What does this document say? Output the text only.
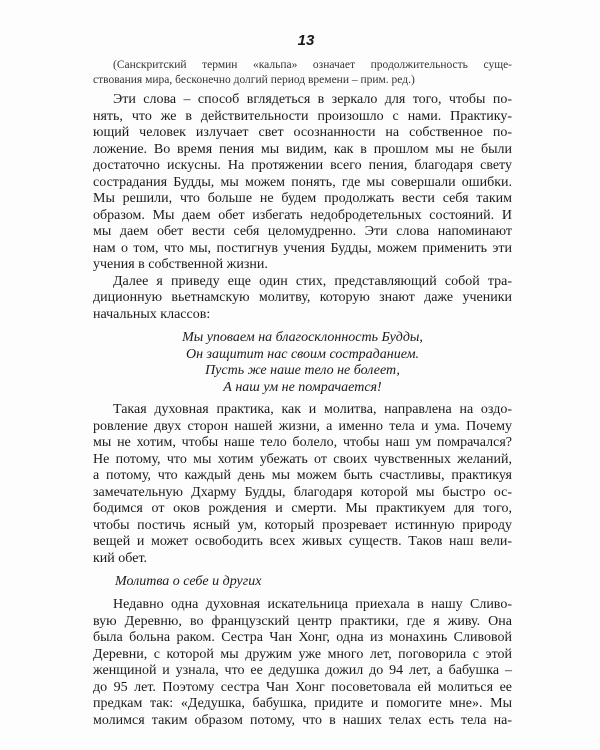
13
(Санскритский термин «кальпа» означает продолжительность суще-
ствования мира, бесконечно долгий период времени – прим. ред.)
Эти слова – способ вглядеться в зеркало для того, чтобы по-
нять, что же в действительности произошло с нами. Практику-
ющий человек излучает свет осознанности на собственное по-
ложение. Во время пения мы видим, как в прошлом мы не были
достаточно искусны. На протяжении всего пения, благодаря свету
сострадания Будды, мы можем понять, где мы совершали ошибки.
Мы решили, что больше не будем продолжать вести себя таким
образом. Мы даем обет избегать недобродетельных состояний. И
мы даем обет вести себя целомудренно. Эти слова напоминают
нам о том, что мы, постигнув учения Будды, можем применить эти
учения в собственной жизни.
Далее я приведу еще один стих, представляющий собой тра-
диционную вьетнамскую молитву, которую знают даже ученики
начальных классов:
Мы уповаем на благосклонность Будды,
Он защитит нас своим состраданием.
Пусть же наше тело не болеет,
А наш ум не помрачается!
Такая духовная практика, как и молитва, направлена на оздо-
ровление двух сторон нашей жизни, а именно тела и ума. Почему
мы не хотим, чтобы наше тело болело, чтобы наш ум помрачался?
Не потому, что мы хотим убежать от своих чувственных желаний,
а потому, что каждый день мы можем быть счастливы, практикуя
замечательную Дхарму Будды, благодаря которой мы быстро ос-
бодимся от оков рождения и смерти. Мы практикуем для того,
чтобы постичь ясный ум, который прозревает истинную природу
вещей и может освободить всех живых существ. Таков наш вели-
кий обет.
Молитва о себе и других
Недавно одна духовная искательница приехала в нашу Сливо-
вую Деревню, во французский центр практики, где я живу. Она
была больна раком. Сестра Чан Хонг, одна из монахинь Сливовой
Деревни, с которой мы дружим уже много лет, поговорила с этой
женщиной и узнала, что ее дедушка дожил до 94 лет, а бабушка –
до 95 лет. Поэтому сестра Чан Хонг посоветовала ей молиться ее
предкам так: «Дедушка, бабушка, придите и помогите мне». Мы
молимся таким образом потому, что в наших телах есть тела на-
